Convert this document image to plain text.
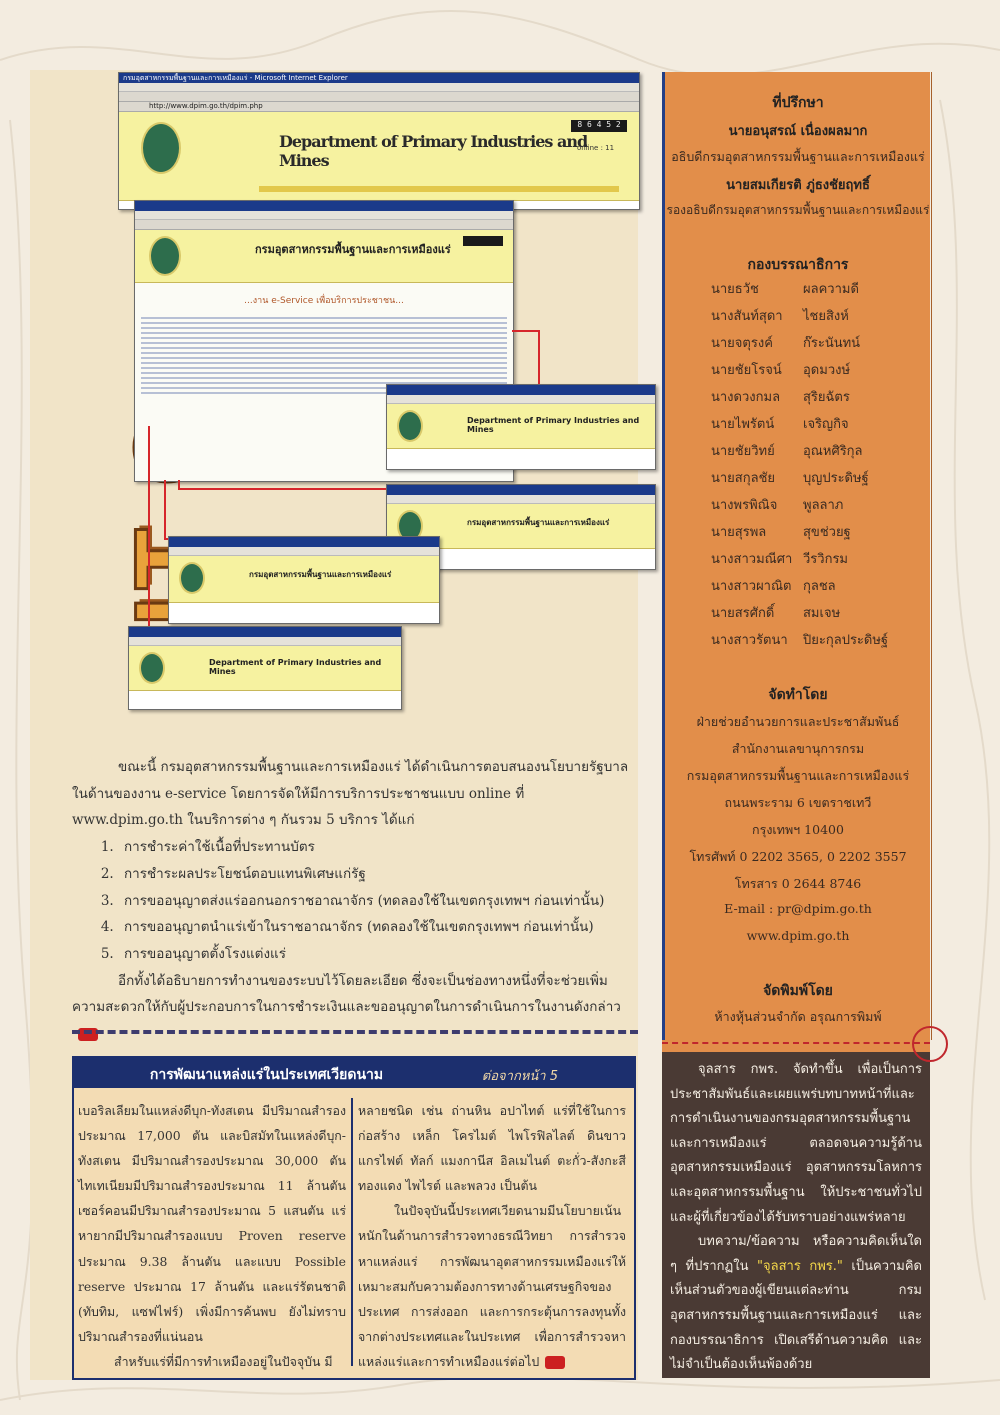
กรมอุตสาหกรรมพื้นฐานและการเหมืองแร่ - Microsoft Internet Explorer
http://www.dpim.go.th/dpim.php
Department of Primary Industries and Mines
8 6 4 5 2
online : 11
กรมอุตสาหกรรมพื้นฐานและการเหมืองแร่
...งาน e-Service เพื่อบริการประชาชน...
Department of Primary Industries and Mines
กรมอุตสาหกรรมพื้นฐานและการเหมืองแร่
กรมอุตสาหกรรมพื้นฐานและการเหมืองแร่
Department of Primary Industries and Mines

ขณะนี้ กรมอุตสาหกรรมพื้นฐานและการเหมืองแร่ ได้ดำเนินการตอบสนองนโยบายรัฐบาล ในด้านของงาน e-service โดยการจัดให้มีการบริการประชาชนแบบ online ที่ www.dpim.go.th ในบริการต่าง ๆ กันรวม 5 บริการ ได้แก่

1. การชำระค่าใช้เนื้อที่ประทานบัตร
2. การชำระผลประโยชน์ตอบแทนพิเศษแก่รัฐ
3. การขออนุญาตส่งแร่ออกนอกราชอาณาจักร (ทดลองใช้ในเขตกรุงเทพฯ ก่อนเท่านั้น)
4. การขออนุญาตนำแร่เข้าในราชอาณาจักร (ทดลองใช้ในเขตกรุงเทพฯ ก่อนเท่านั้น)
5. การขออนุญาตตั้งโรงแต่งแร่

อีกทั้งได้อธิบายการทำงานของระบบไว้โดยละเอียด ซึ่งจะเป็นช่องทางหนึ่งที่จะช่วยเพิ่มความสะดวกให้กับผู้ประกอบการในการชำระเงินและขออนุญาตในการดำเนินการในงานดังกล่าว

การพัฒนาแหล่งแร่ในประเทศเวียดนาม	ต่อจากหน้า 5

เบอริลเลียมในแหล่งดีบุก-ทังสเตน มีปริมาณสำรองประมาณ 17,000 ตัน และบิสมัทในแหล่งดีบุก-ทังสเตน มีปริมาณสำรองประมาณ 30,000 ตัน ไทเทเนียมมีปริมาณสำรองประมาณ 11 ล้านตัน เซอร์คอนมีปริมาณสำรองประมาณ 5 แสนตัน แร่หายากมีปริมาณสำรองแบบ Proven reserve ประมาณ 9.38 ล้านตัน และแบบ Possible reserve ประมาณ 17 ล้านตัน และแร่รัตนชาติ (ทับทิม, แซฟไฟร์) เพิ่งมีการค้นพบ ยังไม่ทราบปริมาณสำรองที่แน่นอน

สำหรับแร่ที่มีการทำเหมืองอยู่ในปัจจุบัน มี

หลายชนิด เช่น ถ่านหิน อปาไทต์ แร่ที่ใช้ในการก่อสร้าง เหล็ก โครไมต์ ไพโรฟิลไลต์ ดินขาว แกรไฟต์ ทัลก์ แมงกานีส อิลเมไนต์ ตะกั่ว-สังกะสี ทองแดง ไพไรต์ และพลวง เป็นต้น

ในปัจจุบันนี้ประเทศเวียดนามมีนโยบายเน้นหนักในด้านการสำรวจทางธรณีวิทยา การสำรวจหาแหล่งแร่ การพัฒนาอุตสาหกรรมเหมืองแร่ให้เหมาะสมกับความต้องการทางด้านเศรษฐกิจของประเทศ การส่งออก และการกระตุ้นการลงทุนทั้งจากต่างประเทศและในประเทศ เพื่อการสำรวจหาแหล่งแร่และการทำเหมืองแร่ต่อไป

ที่ปรึกษา
นายอนุสรณ์ เนื่องผลมาก
อธิบดีกรมอุตสาหกรรมพื้นฐานและการเหมืองแร่
นายสมเกียรติ ภู่ธงชัยฤทธิ์
รองอธิบดีกรมอุตสาหกรรมพื้นฐานและการเหมืองแร่
กองบรรณาธิการ
นายธวัช	ผลความดี
นางสันท์สุดา	ไชยสิงห์
นายจตุรงค์	ก๊ระนันทน์
นายชัยโรจน์	อุดมวงษ์
นางดวงกมล	สุริยฉัตร
นายไพรัตน์	เจริญกิจ
นายชัยวิทย์	อุณหศิริกุล
นายสกุลชัย	บุญประดิษฐ์
นางพรพิณิจ	พูลลาภ
นายสุรพล	สุขช่วยฐ
นางสาวมณีศา วีรวิกรม
นางสาวผาณิต กุลชล
นายสรศักดิ์	สมเจษ
นางสาวรัตนา	ปิยะกุลประดิษฐ์
จัดทำโดย
ฝ่ายช่วยอำนวยการและประชาสัมพันธ์
สำนักงานเลขานุการกรม
กรมอุตสาหกรรมพื้นฐานและการเหมืองแร่
ถนนพระราม 6 เขตราชเทวี
กรุงเทพฯ 10400
โทรศัพท์ 0 2202 3565, 0 2202 3557
โทรสาร 0 2644 8746
E-mail : pr@dpim.go.th
www.dpim.go.th
จัดพิมพ์โดย
ห้างหุ้นส่วนจำกัด อรุณการพิมพ์
จุลสาร กพร. จัดทำขึ้น เพื่อเป็นการประชาสัมพันธ์และเผยแพร่บทบาทหน้าที่และการดำเนินงานของกรมอุตสาหกรรมพื้นฐานและการเหมืองแร่ ตลอดจนความรู้ด้านอุตสาหกรรมเหมืองแร่ อุตสาหกรรมโลหการ และอุตสาหกรรมพื้นฐาน ให้ประชาชนทั่วไปและผู้ที่เกี่ยวข้องได้รับทราบอย่างแพร่หลาย
บทความ/ข้อความ หรือความคิดเห็นใด ๆ ที่ปรากฏใน "จุลสาร กพร." เป็นความคิดเห็นส่วนตัวของผู้เขียนแต่ละท่าน กรมอุตสาหกรรมพื้นฐานและการเหมืองแร่ และกองบรรณาธิการ เปิดเสรีด้านความคิด และไม่จำเป็นต้องเห็นพ้องด้วย
